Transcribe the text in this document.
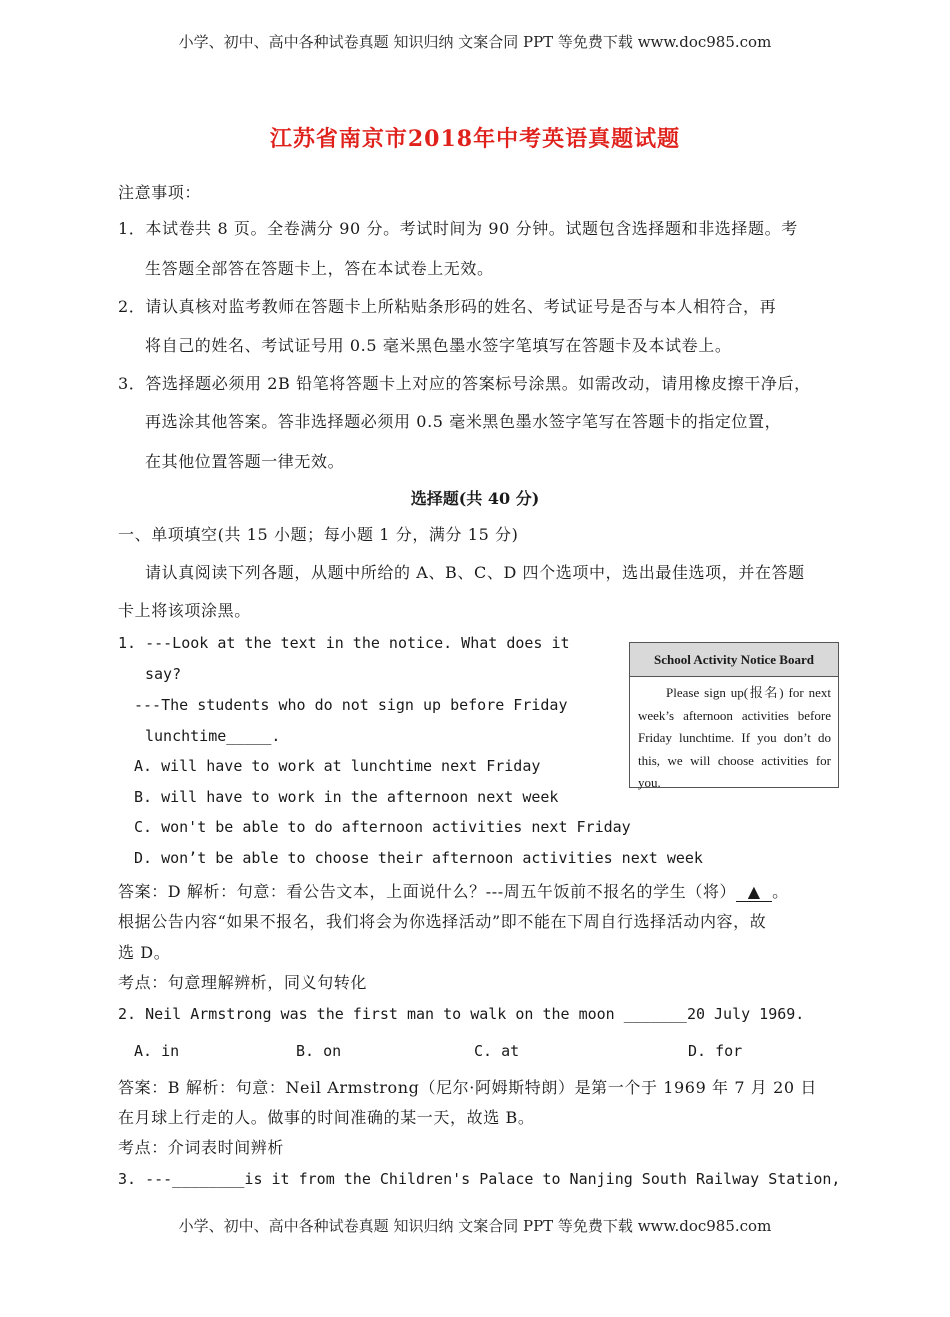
小学、初中、高中各种试卷真题 知识归纳 文案合同 PPT 等免费下载 www.doc985.com
江苏省南京市2018年中考英语真题试题
注意事项：
1．本试卷共 8 页。全卷满分 90 分。考试时间为 90 分钟。试题包含选择题和非选择题。考
生答题全部答在答题卡上，答在本试卷上无效。
2．请认真核对监考教师在答题卡上所粘贴条形码的姓名、考试证号是否与本人相符合，再
将自己的姓名、考试证号用 0.5 毫米黑色墨水签字笔填写在答题卡及本试卷上。
3．答选择题必须用 2B 铅笔将答题卡上对应的答案标号涂黑。如需改动，请用橡皮擦干净后，
再选涂其他答案。答非选择题必须用 0.5 毫米黑色墨水签字笔写在答题卡的指定位置，
在其他位置答题一律无效。
选择题(共 40 分)
一、单项填空(共 15 小题；每小题 1 分，满分 15 分)
请认真阅读下列各题，从题中所给的 A、B、C、D 四个选项中，选出最佳选项，并在答题
卡上将该项涂黑。
1. ---Look at the text in the notice. What does it
say?
---The students who do not sign up before Friday
lunchtime_____.
A. will have to work at lunchtime next Friday
B. will have to work in the afternoon next week
C. won't be able to do afternoon activities next Friday
D. won’t be able to choose their afternoon activities next week
School Activity Notice Board
Please sign up(报名) for next week’s afternoon activities before Friday lunchtime. If you don’t do this, we will choose activities for you.
答案：D 解析：句意：看公告文本，上面说什么？---周五午饭前不报名的学生（将） ▲ 。
根据公告内容“如果不报名，我们将会为你选择活动”即不能在下周自行选择活动内容，故
选 D。
考点：句意理解辨析，同义句转化
2. Neil Armstrong was the first man to walk on the moon _______20 July 1969.
A. in	B. on	C. at	D. for
答案：B 解析：句意：Neil Armstrong（尼尔·阿姆斯特朗）是第一个于 1969 年 7 月 20 日
在月球上行走的人。做事的时间准确的某一天，故选 B。
考点：介词表时间辨析
3. ---________is it from the Children's Palace to Nanjing South Railway Station,
小学、初中、高中各种试卷真题 知识归纳 文案合同 PPT 等免费下载 www.doc985.com
